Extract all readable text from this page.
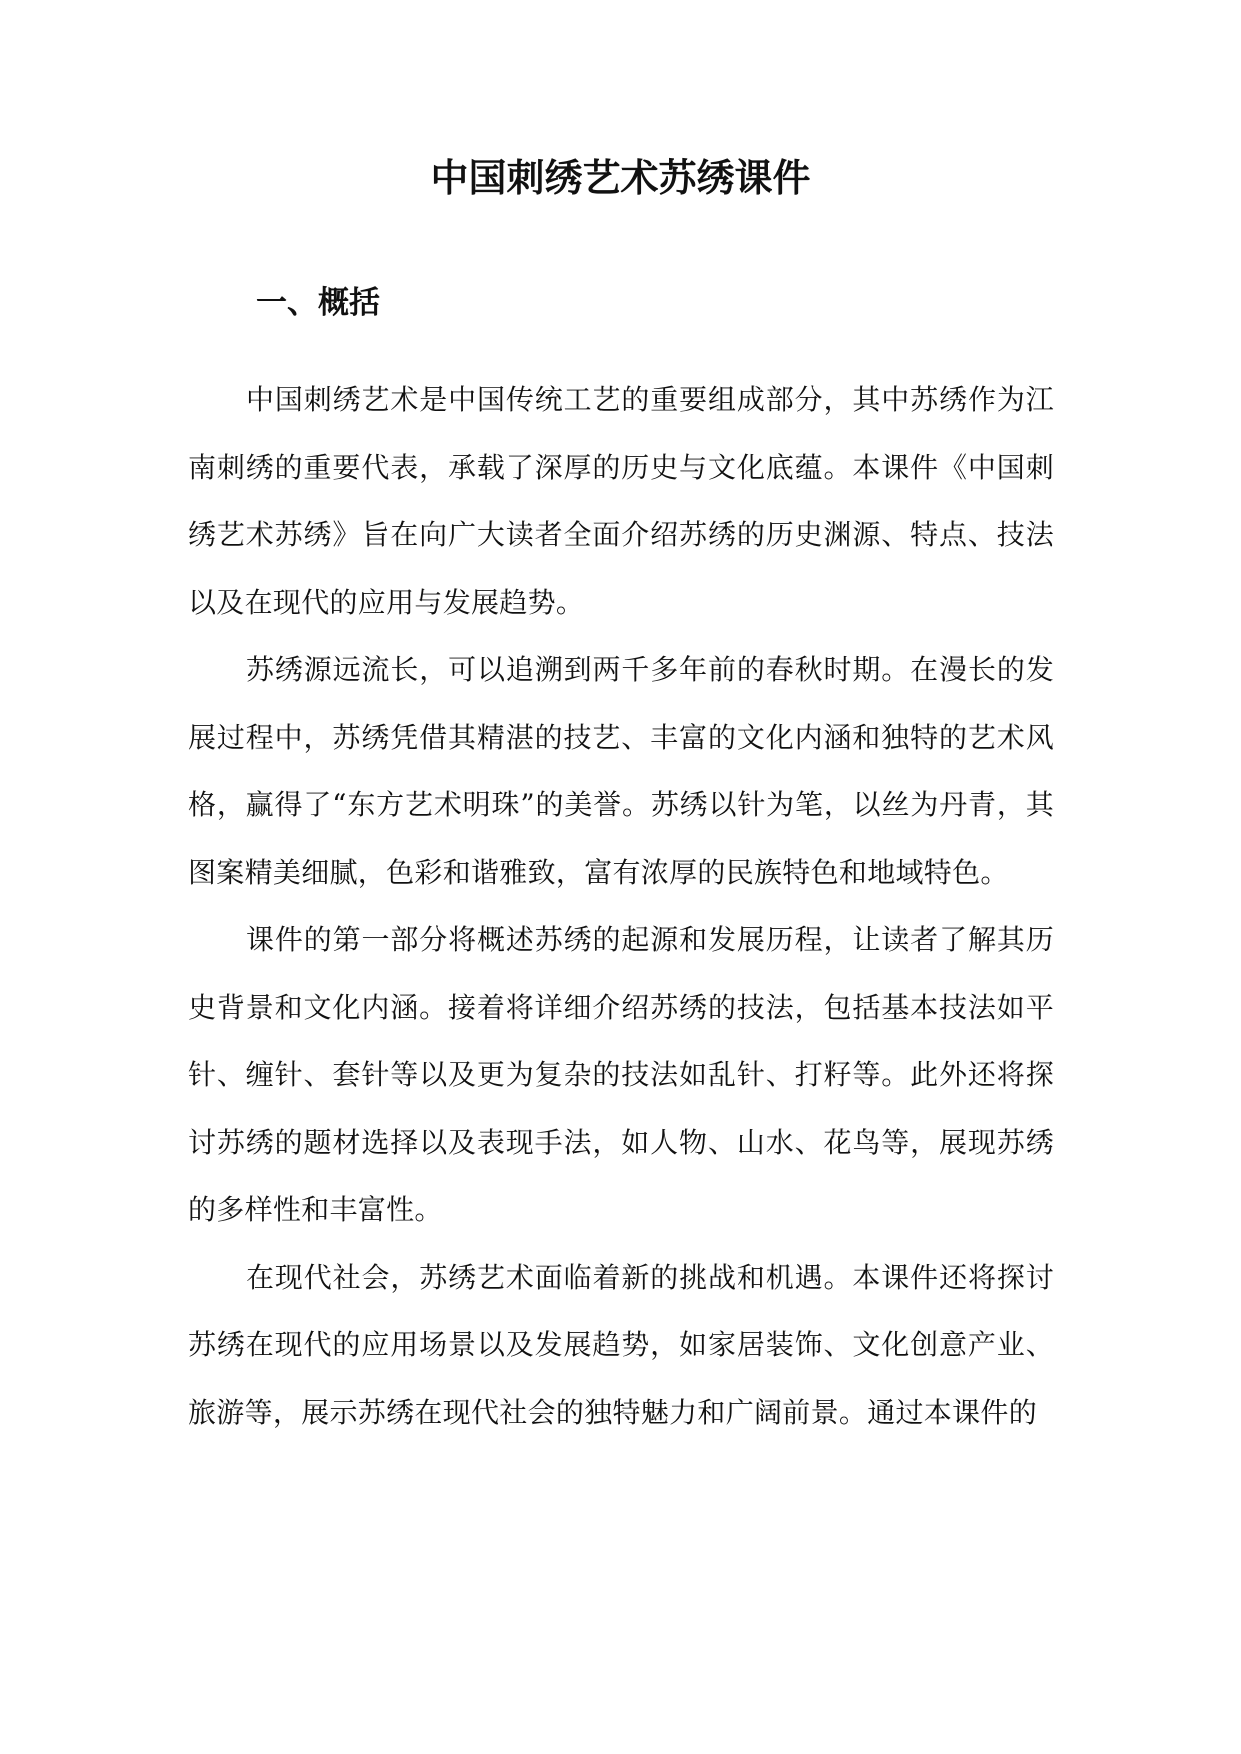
中国刺绣艺术苏绣课件
一、概括

中国刺绣艺术是中国传统工艺的重要组成部分，其中苏绣作为江南刺绣的重要代表，承载了深厚的历史与文化底蕴。本课件《中国刺绣艺术苏绣》旨在向广大读者全面介绍苏绣的历史渊源、特点、技法以及在现代的应用与发展趋势。

苏绣源远流长，可以追溯到两千多年前的春秋时期。在漫长的发展过程中，苏绣凭借其精湛的技艺、丰富的文化内涵和独特的艺术风格，赢得了“东方艺术明珠”的美誉。苏绣以针为笔，以丝为丹青，其图案精美细腻，色彩和谐雅致，富有浓厚的民族特色和地域特色。

课件的第一部分将概述苏绣的起源和发展历程，让读者了解其历史背景和文化内涵。接着将详细介绍苏绣的技法，包括基本技法如平针、缠针、套针等以及更为复杂的技法如乱针、打籽等。此外还将探讨苏绣的题材选择以及表现手法，如人物、山水、花鸟等，展现苏绣的多样性和丰富性。

在现代社会，苏绣艺术面临着新的挑战和机遇。本课件还将探讨苏绣在现代的应用场景以及发展趋势，如家居装饰、文化创意产业、旅游等，展示苏绣在现代社会的独特魅力和广阔前景。通过本课件的
